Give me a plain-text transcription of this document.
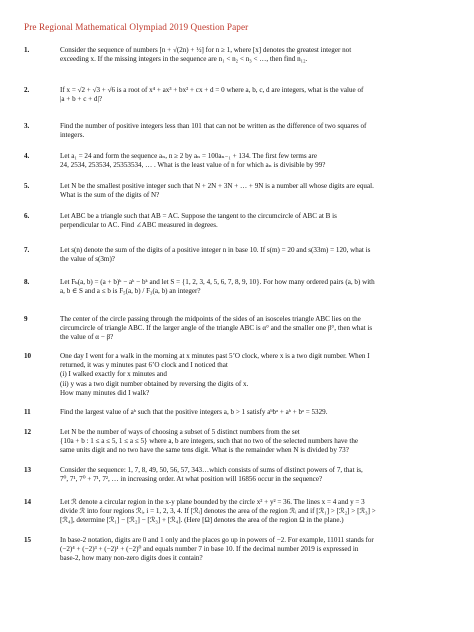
Pre Regional Mathematical Olympiad 2019 Question Paper
1.	Consider the sequence of numbers [n + √(2n) + ½] for n ≥ 1, where [x] denotes the greatest integer not

exceeding x. If the missing integers in the sequence are n₁ < n₂ < n₃ < …, then find n₁₂.

2.	If x = √2 + √3 + √6 is a root of x⁴ + ax³ + bx² + cx + d = 0 where a, b, c, d are integers, what is the value of

|a + b + c + d|?

3.	Find the number of positive integers less than 101 that can not be written as the difference of two squares of

integers.

4.	Let a₁ = 24 and form the sequence aₙ, n ≥ 2 by aₙ = 100aₙ₋₁ + 134. The first few terms are

24, 2534, 253534, 25353534, … . What is the least value of n for which aₙ is divisible by 99?

5.	Let N be the smallest positive integer such that N + 2N + 3N + … + 9N is a number all whose digits are equal.

What is the sum of the digits of N?

6.	Let ABC be a triangle such that AB = AC. Suppose the tangent to the circumcircle of ABC at B is

perpendicular to AC. Find ∠ABC measured in degrees.

7.	Let s(n) denote the sum of the digits of a positive integer n in base 10. If s(m) = 20 and s(33m) = 120, what is

the value of s(3m)?

8.	Let Fₖ(a, b) = (a + b)ᵏ − aᵏ − bᵏ and let S = {1, 2, 3, 4, 5, 6, 7, 8, 9, 10}. For how many ordered pairs (a, b) with

a, b ∈ S and a ≤ b is F₅(a, b) / F₃(a, b) an integer?

9	The center of the circle passing through the midpoints of the sides of an isosceles triangle ABC lies on the

circumcircle of triangle ABC. If the larger angle of the triangle ABC is α° and the smaller one β°, then what is

the value of α − β?

10	One day I went for a walk in the morning at x minutes past 5’O clock, where x is a two digit number. When I

returned, it was y minutes past 6’O clock and I noticed that

(i) I walked exactly for x minutes and

(ii) y was a two digit number obtained by reversing the digits of x.

How many minutes did I walk?

11	Find the largest value of aᵇ such that the positive integers a, b > 1 satisfy aᵇbᵃ + aᵇ + bᵃ = 5329.

12	Let N be the number of ways of choosing a subset of 5 distinct numbers from the set

{10a + b : 1 ≤ a ≤ 5, 1 ≤ a ≤ 5} where a, b are integers, such that no two of the selected numbers have the

same units digit and no two have the same tens digit. What is the remainder when N is divided by 73?

13	Consider the sequence: 1, 7, 8, 49, 50, 56, 57, 343…which consists of sums of distinct powers of 7, that is,

7⁰, 7¹, 7⁰ + 7¹, 7², … in increasing order. At what position will 16856 occur in the sequence?

14	Let ℛ denote a circular region in the x-y plane bounded by the circle x² + y² = 36. The lines x = 4 and y = 3

divide ℛ into four regions ℛᵢ, i = 1, 2, 3, 4. If [ℛᵢ] denotes the area of the region ℛᵢ and if [ℛ₁] > [ℛ₂] > [ℛ₃] >

[ℛ₄], determine [ℛ₁] − [ℛ₂] − [ℛ₃] + [ℛ₄]. (Here [Ω] denotes the area of the region Ω in the plane.)

15	In base-2 notation, digits are 0 and 1 only and the places go up in powers of −2. For example, 11011 stands for

(−2)⁴ + (−2)³ + (−2)¹ + (−2)⁰ and equals number 7 in base 10. If the decimal number 2019 is expressed in

base-2, how many non-zero digits does it contain?
